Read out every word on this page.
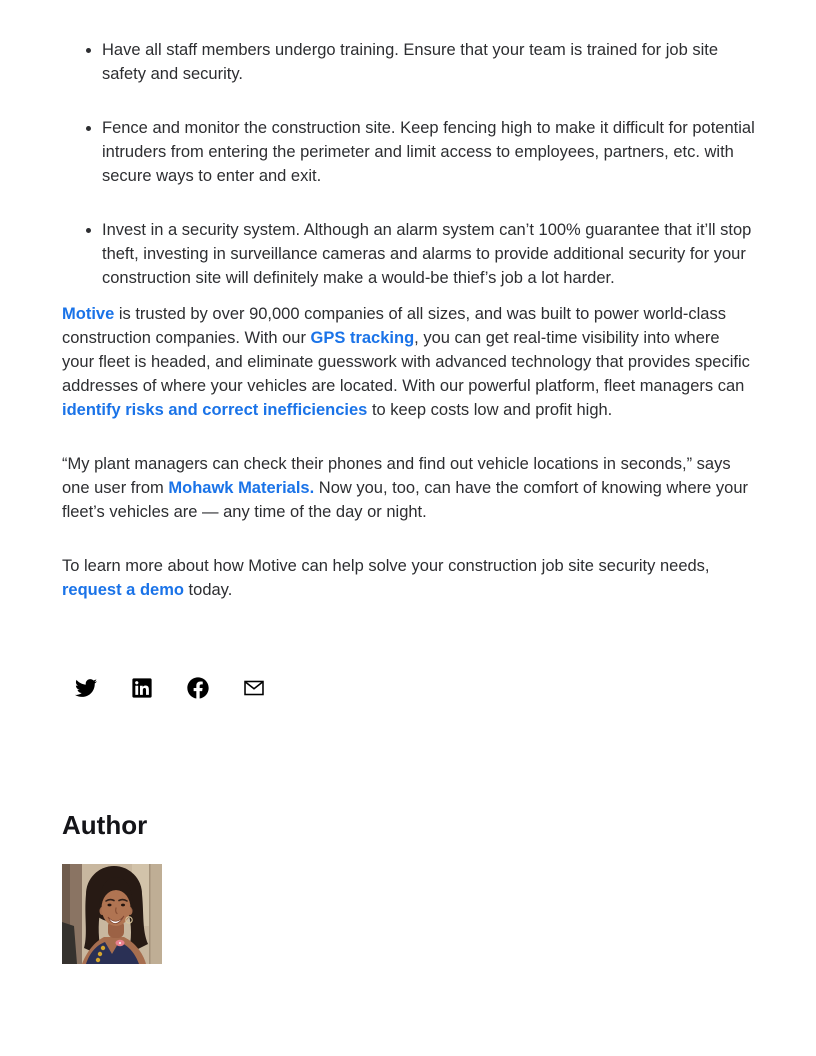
• Have all staff members undergo training. Ensure that your team is trained for job site safety and security.
• Fence and monitor the construction site. Keep fencing high to make it difficult for potential intruders from entering the perimeter and limit access to employees, partners, etc. with secure ways to enter and exit.
• Invest in a security system. Although an alarm system can’t 100% guarantee that it’ll stop theft, investing in surveillance cameras and alarms to provide additional security for your construction site will definitely make a would-be thief’s job a lot harder.

Motive is trusted by over 90,000 companies of all sizes, and was built to power world-class construction companies. With our GPS tracking, you can get real-time visibility into where your fleet is headed, and eliminate guesswork with advanced technology that provides specific addresses of where your vehicles are located. With our powerful platform, fleet managers can identify risks and correct inefficiencies to keep costs low and profit high.

“My plant managers can check their phones and find out vehicle locations in seconds,” says one user from Mohawk Materials. Now you, too, can have the comfort of knowing where your fleet’s vehicles are — any time of the day or night.

To learn more about how Motive can help solve your construction job site security needs, request a demo today.

Author
